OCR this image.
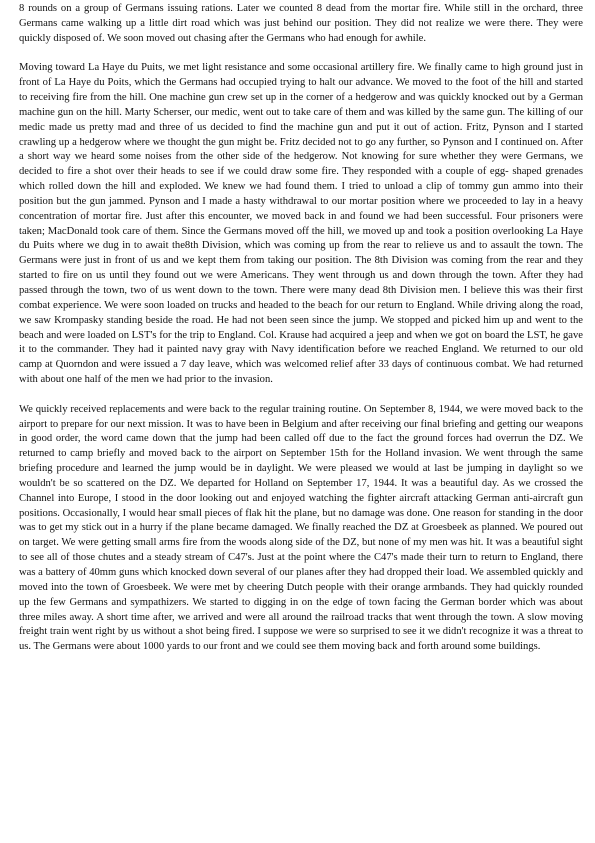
8 rounds on a group of Germans issuing rations. Later we counted 8 dead from the mortar fire. While still in the orchard, three Germans came walking up a little dirt road which was just behind our position. They did not realize we were there. They were quickly disposed of. We soon moved out chasing after the Germans who had enough for awhile.

Moving toward La Haye du Puits, we met light resistance and some occasional artillery fire. We finally came to high ground just in front of La Haye du Poits, which the Germans had occupied trying to halt our advance. We moved to the foot of the hill and started to receiving fire from the hill. One machine gun crew set up in the corner of a hedgerow and was quickly knocked out by a German machine gun on the hill. Marty Scherser, our medic, went out to take care of them and was killed by the same gun. The killing of our medic made us pretty mad and three of us decided to find the machine gun and put it out of action. Fritz, Pynson and I started crawling up a hedgerow where we thought the gun might be. Fritz decided not to go any further, so Pynson and I continued on. After a short way we heard some noises from the other side of the hedgerow. Not knowing for sure whether they were Germans, we decided to fire a shot over their heads to see if we could draw some fire. They responded with a couple of egg- shaped grenades which rolled down the hill and exploded. We knew we had found them. I tried to unload a clip of tommy gun ammo into their position but the gun jammed. Pynson and I made a hasty withdrawal to our mortar position where we proceeded to lay in a heavy concentration of mortar fire. Just after this encounter, we moved back in and found we had been successful. Four prisoners were taken; MacDonald took care of them. Since the Germans moved off the hill, we moved up and took a position overlooking La Haye du Puits where we dug in to await the8th Division, which was coming up from the rear to relieve us and to assault the town. The Germans were just in front of us and we kept them from taking our position. The 8th Division was coming from the rear and they started to fire on us until they found out we were Americans. They went through us and down through the town. After they had passed through the town, two of us went down to the town. There were many dead 8th Division men. I believe this was their first combat experience. We were soon loaded on trucks and headed to the beach for our return to England. While driving along the road, we saw Krompasky standing beside the road. He had not been seen since the jump. We stopped and picked him up and went to the beach and were loaded on LST's for the trip to England. Col. Krause had acquired a jeep and when we got on board the LST, he gave it to the commander. They had it painted navy gray with Navy identification before we reached England. We returned to our old camp at Quorndon and were issued a 7 day leave, which was welcomed relief after 33 days of continuous combat. We had returned with about one half of the men we had prior to the invasion.

We quickly received replacements and were back to the regular training routine. On September 8, 1944, we were moved back to the airport to prepare for our next mission. It was to have been in Belgium and after receiving our final briefing and getting our weapons in good order, the word came down that the jump had been called off due to the fact the ground forces had overrun the DZ. We returned to camp briefly and moved back to the airport on September 15th for the Holland invasion. We went through the same briefing procedure and learned the jump would be in daylight. We were pleased we would at last be jumping in daylight so we wouldn't be so scattered on the DZ. We departed for Holland on September 17, 1944. It was a beautiful day. As we crossed the Channel into Europe, I stood in the door looking out and enjoyed watching the fighter aircraft attacking German anti-aircraft gun positions. Occasionally, I would hear small pieces of flak hit the plane, but no damage was done. One reason for standing in the door was to get my stick out in a hurry if the plane became damaged. We finally reached the DZ at Groesbeek as planned. We poured out on target. We were getting small arms fire from the woods along side of the DZ, but none of my men was hit. It was a beautiful sight to see all of those chutes and a steady stream of C47's. Just at the point where the C47's made their turn to return to England, there was a battery of 40mm guns which knocked down several of our planes after they had dropped their load. We assembled quickly and moved into the town of Groesbeek. We were met by cheering Dutch people with their orange armbands. They had quickly rounded up the few Germans and sympathizers. We started to digging in on the edge of town facing the German border which was about three miles away. A short time after, we arrived and were all around the railroad tracks that went through the town. A slow moving freight train went right by us without a shot being fired. I suppose we were so surprised to see it we didn't recognize it was a threat to us. The Germans were about 1000 yards to our front and we could see them moving back and forth around some buildings.
